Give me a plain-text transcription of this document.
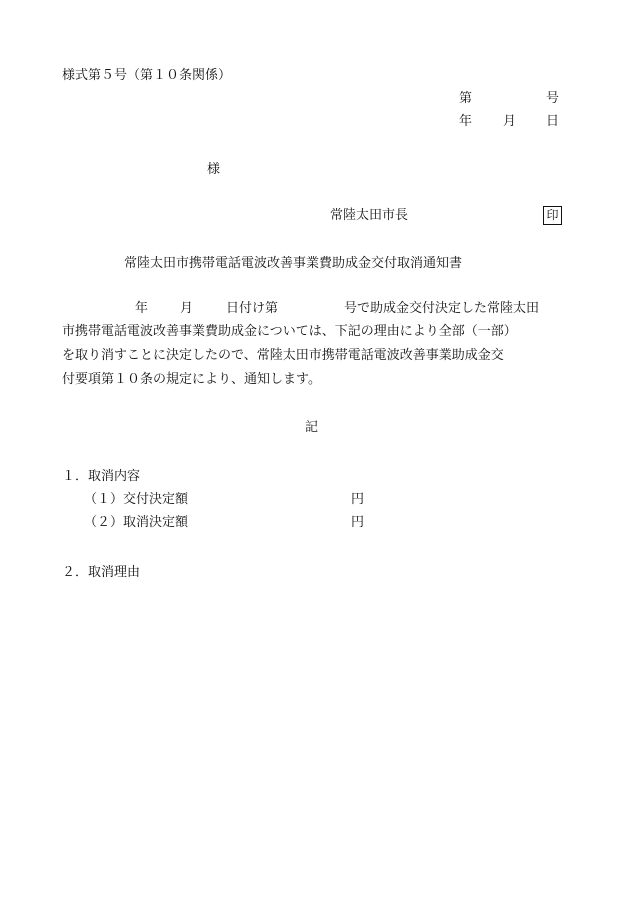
様式第５号（第１０条関係）
第	号
年 月 日
様
常陸太田市長	印
常陸太田市携帯電話電波改善事業費助成金交付取消通知書
年 月	日付け第	号で助成金交付決定した常陸太田
市携帯電話電波改善事業費助成金については、下記の理由により全部（一部）
を取り消すことに決定したので、常陸太田市携帯電話電波改善事業助成金交
付要項第１０条の規定により、通知します。
記
１．取消内容
（１）交付決定額	円
（２）取消決定額	円
２．取消理由
